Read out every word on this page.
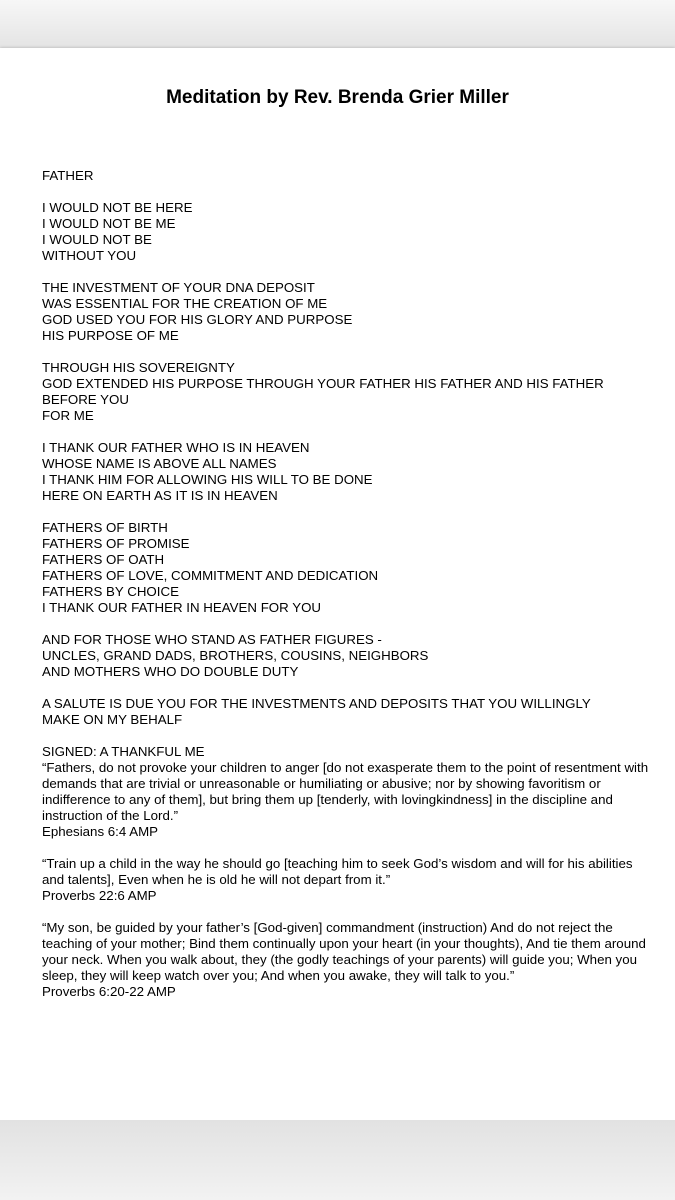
Meditation by Rev. Brenda Grier Miller
FATHER
I WOULD NOT BE HERE
I WOULD NOT BE ME
I WOULD NOT BE
WITHOUT YOU
THE INVESTMENT OF YOUR DNA DEPOSIT
WAS ESSENTIAL FOR THE CREATION OF ME
GOD USED YOU FOR HIS GLORY AND PURPOSE
HIS PURPOSE OF ME
THROUGH HIS SOVEREIGNTY
GOD EXTENDED HIS PURPOSE THROUGH YOUR FATHER HIS FATHER AND HIS FATHER
BEFORE YOU
FOR ME
I THANK OUR FATHER WHO IS IN HEAVEN
WHOSE NAME IS ABOVE ALL NAMES
I THANK HIM FOR ALLOWING HIS WILL TO BE DONE
HERE ON EARTH AS IT IS IN HEAVEN
FATHERS OF BIRTH
FATHERS OF PROMISE
FATHERS OF OATH
FATHERS OF LOVE, COMMITMENT AND DEDICATION
FATHERS BY CHOICE
I THANK OUR FATHER IN HEAVEN FOR YOU
AND FOR THOSE WHO STAND AS FATHER FIGURES -
UNCLES, GRAND DADS, BROTHERS, COUSINS, NEIGHBORS
AND MOTHERS WHO DO DOUBLE DUTY
A SALUTE IS DUE YOU FOR THE INVESTMENTS AND DEPOSITS THAT YOU WILLINGLY
MAKE ON MY BEHALF
SIGNED: A THANKFUL ME
“Fathers, do not provoke your children to anger [do not exasperate them to the point of resentment with demands that are trivial or unreasonable or humiliating or abusive; nor by showing favoritism or indifference to any of them], but bring them up [tenderly, with lovingkindness] in the discipline and instruction of the Lord.”
Ephesians 6:4 AMP
“Train up a child in the way he should go [teaching him to seek God’s wisdom and will for his abilities and talents], Even when he is old he will not depart from it.”
Proverbs 22:6 AMP
“My son, be guided by your father’s [God-given] commandment (instruction) And do not reject the teaching of your mother; Bind them continually upon your heart (in your thoughts), And tie them around your neck. When you walk about, they (the godly teachings of your parents) will guide you; When you sleep, they will keep watch over you; And when you awake, they will talk to you.”
Proverbs 6:20-22 AMP
